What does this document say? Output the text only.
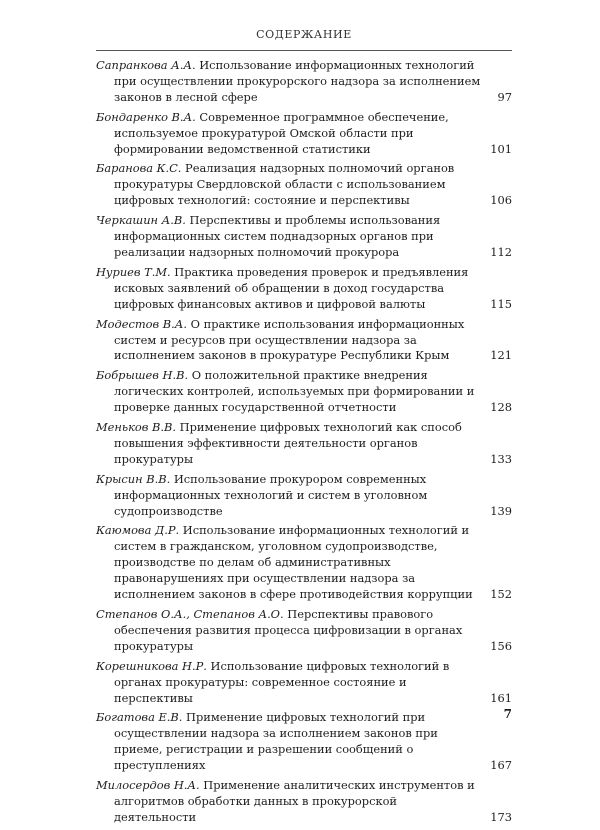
СОДЕРЖАНИЕ
Сапранкова А.А. Использование информационных технологий при осуществлении прокурорского надзора за исполнением законов в лесной сфере	97
Бондаренко В.А. Современное программное обеспечение, используемое прокуратурой Омской области при формировании ведомственной статистики	101
Баранова К.С. Реализация надзорных полномочий органов прокуратуры Свердловской области с использованием цифровых технологий: состояние и перспективы	106
Черкашин А.В. Перспективы и проблемы использования информационных систем поднадзорных органов при реализации надзорных полномочий прокурора	112
Нуриев Т.М. Практика проведения проверок и предъявления исковых заявлений об обращении в доход государства цифровых финансовых активов и цифровой валюты	115
Модестов В.А. О практике использования информационных систем и ресурсов при осуществлении надзора за исполнением законов в прокуратуре Республики Крым	121
Бобрышев Н.В. О положительной практике внедрения логических контролей, используемых при формировании и проверке данных государственной отчетности	128
Меньков В.В. Применение цифровых технологий как способ повышения эффективности деятельности органов прокуратуры	133
Крысин В.В. Использование прокурором современных информационных технологий и систем в уголовном судопроизводстве	139
Каюмова Д.Р. Использование информационных технологий и систем в гражданском, уголовном судопроизводстве, производстве по делам об административных правонарушениях при осуществлении надзора за исполнением законов в сфере противодействия коррупции	152
Степанов О.А., Степанов А.О. Перспективы правового обеспечения развития процесса цифровизации в органах прокуратуры	156
Корешникова Н.Р. Использование цифровых технологий в органах прокуратуры: современное состояние и перспективы	161
Богатова Е.В. Применение цифровых технологий при осуществлении надзора за исполнением законов при приеме, регистрации и разрешении сообщений о преступлениях	167
Милосердов Н.А. Применение аналитических инструментов и алгоритмов обработки данных в прокурорской деятельности	173
7
